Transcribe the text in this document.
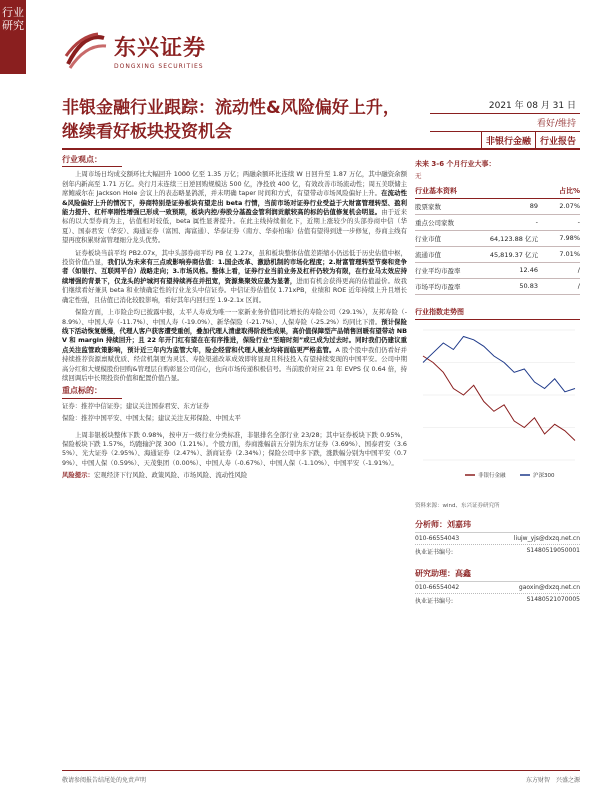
行业
研究
东兴证券
DONGXING SECURITIES
非银金融行业跟踪：流动性&风险偏好上升，继续看好板块投资机会
2021 年 08 月 31 日
看好/维持
非银行金融	行业报告
行业观点：

上周市场日均成交额环比大幅回升 1000 亿至 1.35 万亿；两融余额环比连续 W 日回升至 1.87 万亿，其中融资余额创年内新高至 1.71 万亿。央行月末连续三日逆回购规模达 500 亿，净投放 400 亿，有效改善市场流动性；周五美联储主席鲍威尔在 Jackson Hole 会议上的表态略显鸽派，并未明确 taper 时间和方式，有望带动市场风险偏好上升。在流动性&风险偏好上升的情况下，券商特别是证券板块有望走出 beta 行情，当前市场对证券行业受益于大财富管理转型、盈利能力提升、杠杆率刚性增强已形成一致预期，板块内控/券股分基盈金管利润贡献较高的标的估值修复机会明显。由于近来标的以大型券商为主，估值相对较低，beta 属性显著提升。在此主线持续催化下，近期上涨较少的头部券商中信（华夏）、国泰君安（华安）、海通证券（富国、海富通）、华泰证券（南方、华泰柏瑞）估值有望得到进一步修复，券商主线有望再度积累财富管理细分龙头优势。

证券板块当前平均 PB2.07x，其中头部券商平均 PB 仅 1.27x，虽和板块整体估值差距缩小仍远低于历史估值中枢，投资价值凸显，我们认为未来有三点或影响券商估值：1.国企改革、激励机制的市场化程度；2.财富管理转型节奏和竞争者（如银行、互联网平台）战略走向；3.市场风格。整体上看，证券行业当前业务及杠杆仍较为有限，在行业马太效应持续增强的背景下，仅龙头的护城河有望持续再在并扭宽，资源集聚效应最为显著，进而有机会获得更高的估值溢价。故我们继续看好兼具 beta 和业绩确定性的行业龙头中信证券。中信证券估值仅 1.71xPB，业绩和 ROE 近年持续上升且增长确定性强，且估值已消化较股影响，看好其年内回归至 1.9-2.1x 区间。

保险方面，上市险企均已披露中报，太平人寿成为唯一一家新业务价值同比增长的寿险公司（29.1%），友邦寿险（-8.9%）、中国人寿（-11.7%）、中国人寿（-19.0%）、新华保险（-21.7%）、人保寿险（-25.2%）均同比下滑。预计保险线下活动恢复缓慢，代理人客户获客遭受重创，叠加代理人清虚取得阶段性成果，高价值保障型产品销售回暖有望带动 NBV 和 margin 持续回升；且 22 年开门红有望在在有序推进，保险行业“至暗时刻”或已成为过去时。同时我们仍建议重点关注监管政策影响，预计近三年内为监管大年，险企经营和代理人展业均将面临更严格监管。A 股个股中我们仍看好并持续推荐资源禀赋优质、经营机制更为灵活、寿险渠道改革成效即将显现且科技投入有望持续变现的中国平安。公司中期高分红和大规模股份回购&管理层自购彰显公司信心，也向市场传递积极信号。当前股价对应 21 年 EVPS 仅 0.64 倍，持续回调后中长期投资价值和配置价值凸显。

重点标的：

证券：推荐中信证券；建议关注国泰君安、东方证券

保险：推荐中国平安、中国太保；建议关注友邦保险、中国太平

上周非银板块整体下跌 0.98%，按申万一级行业分类标准，非银排名全部行业 23/28；其中证券板块下跌 0.95%，保险板块下跌 1.57%，均跑输沪深 300（1.21%）。个股方面，券商涨幅前五分别为东方证券（3.69%）、国泰君安（3.65%）、光大证券（2.95%）、海通证券（2.47%）、浙商证券（2.34%）；保险公司中多下跌，涨跌幅分别为中国平安（0.79%）、中国人保（0.59%）、天茂集团（0.00%）、中国人寿（-0.67%）、中国人保（-1.10%）、中国平安（-1.91%）。

风险提示：宏观经济下行风险、政策风险、市场风险、流动性风险

未来 3-6 个月行业大事：
无
行业基本资料	占比%
股票家数	89	2.07%
重点公司家数	-	-
行业市值	64,123.88 亿元	7.98%
流通市值	45,819.37 亿元	7.01%
行业平均市盈率	12.46	/
市场平均市盈率	50.83	/
行业指数走势图
非银行金融	沪深300
资料来源：wind、东兴证券研究所
分析师：刘嘉玮
010-66554043	liujw_yjs@dxzq.net.cn
执业证书编号:	S1480519050001
研究助理：高鑫
010-66554042	gaoxin@dxzq.net.cn
执业证书编号:	S1480521070005
敬请参阅报告结尾处的免责声明	东方财智　兴盛之源
